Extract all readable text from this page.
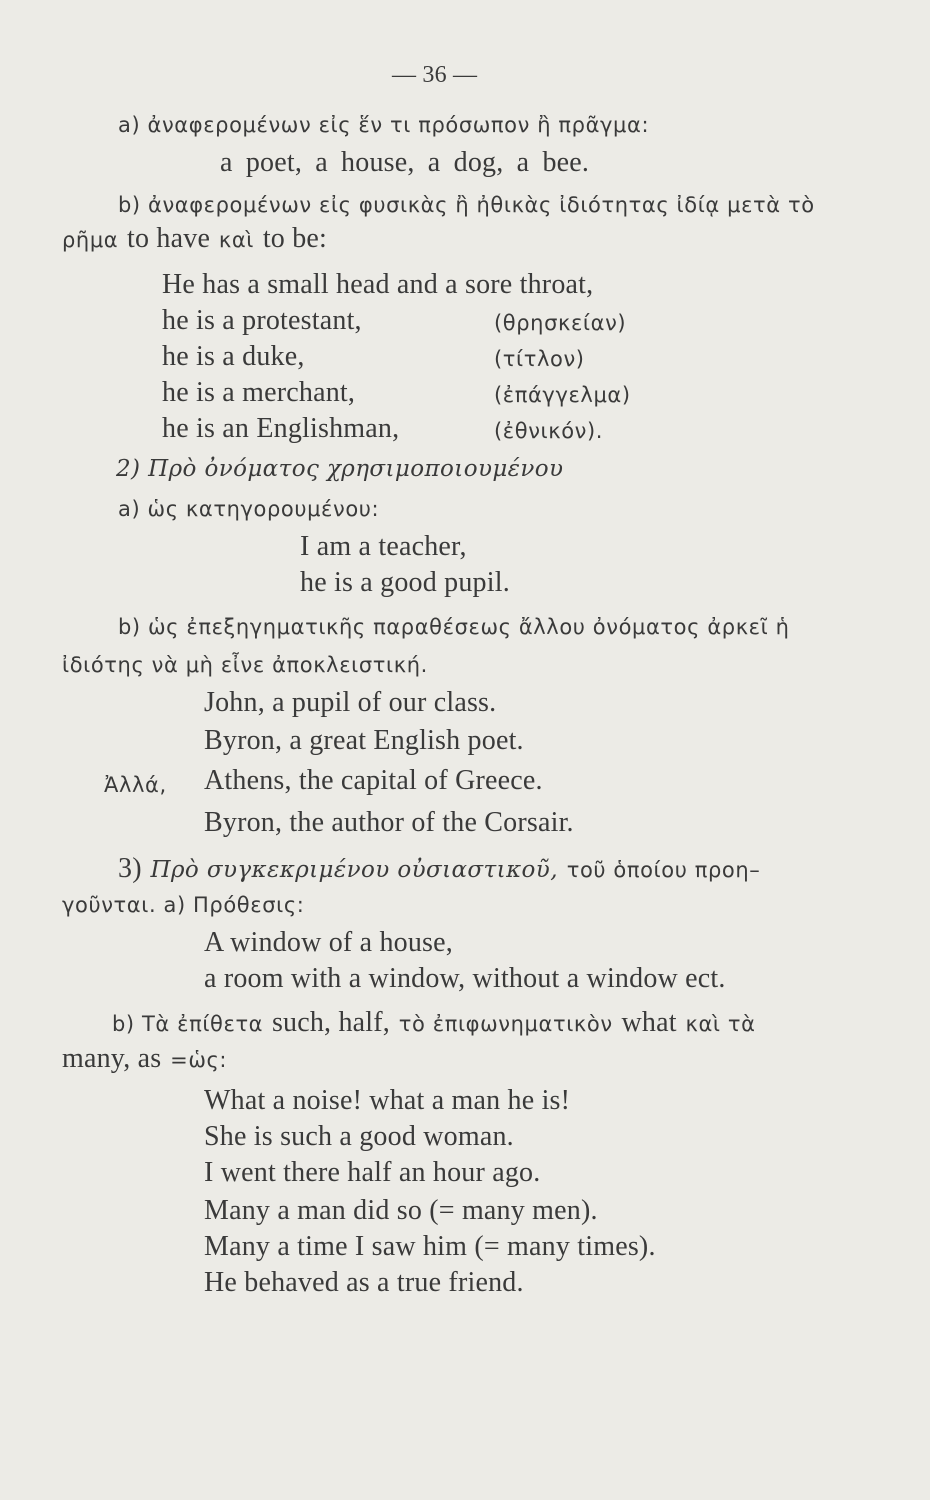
— 36 —
a) ἀναφερομένων εἰς ἕν τι πρόσωπον ἢ πρᾶγμα:
a poet, a house, a dog, a bee.
b) ἀναφερομένων εἰς φυσικὰς ἢ ἠθικὰς ἰδιότητας ἰδίᾳ μετὰ τὸ
ρῆμα to have καὶ to be:
He has a small head and a sore throat,
he is a protestant,	(θρησκείαν)
he is a duke,	(τίτλον)
he is a merchant,	(ἐπάγγελμα)
he is an Englishman,	(ἐθνικόν).
2) Πρὸ ὀνόματος χρησιμοποιουμένου
a) ὡς κατηγορουμένου:
I am a teacher,
he is a good pupil.
b) ὡς ἐπεξηγηματικῆς παραθέσεως ἄλλου ὀνόματος ἀρκεῖ ἡ
ἰδιότης νὰ μὴ εἶνε ἀποκλειστική.
John, a pupil of our class.
Byron, a great English poet.
Ἀλλά, Athens, the capital of Greece.
Byron, the author of the Corsair.
3) Πρὸ συγκεκριμένου οὐσιαστικοῦ, τοῦ ὁποίου προη–
γοῦνται. a) Πρόθεσις:
A window of a house,
a room with a window, without a window ect.
b) Τὰ ἐπίθετα such, half, τὸ ἐπιφωνηματικὸν what καὶ τὰ
many, as =ὡς:
What a noise! what a man he is!
She is such a good woman.
I went there half an hour ago.
Many a man did so (= many men).
Many a time I saw him (= many times).
He behaved as a true friend.
